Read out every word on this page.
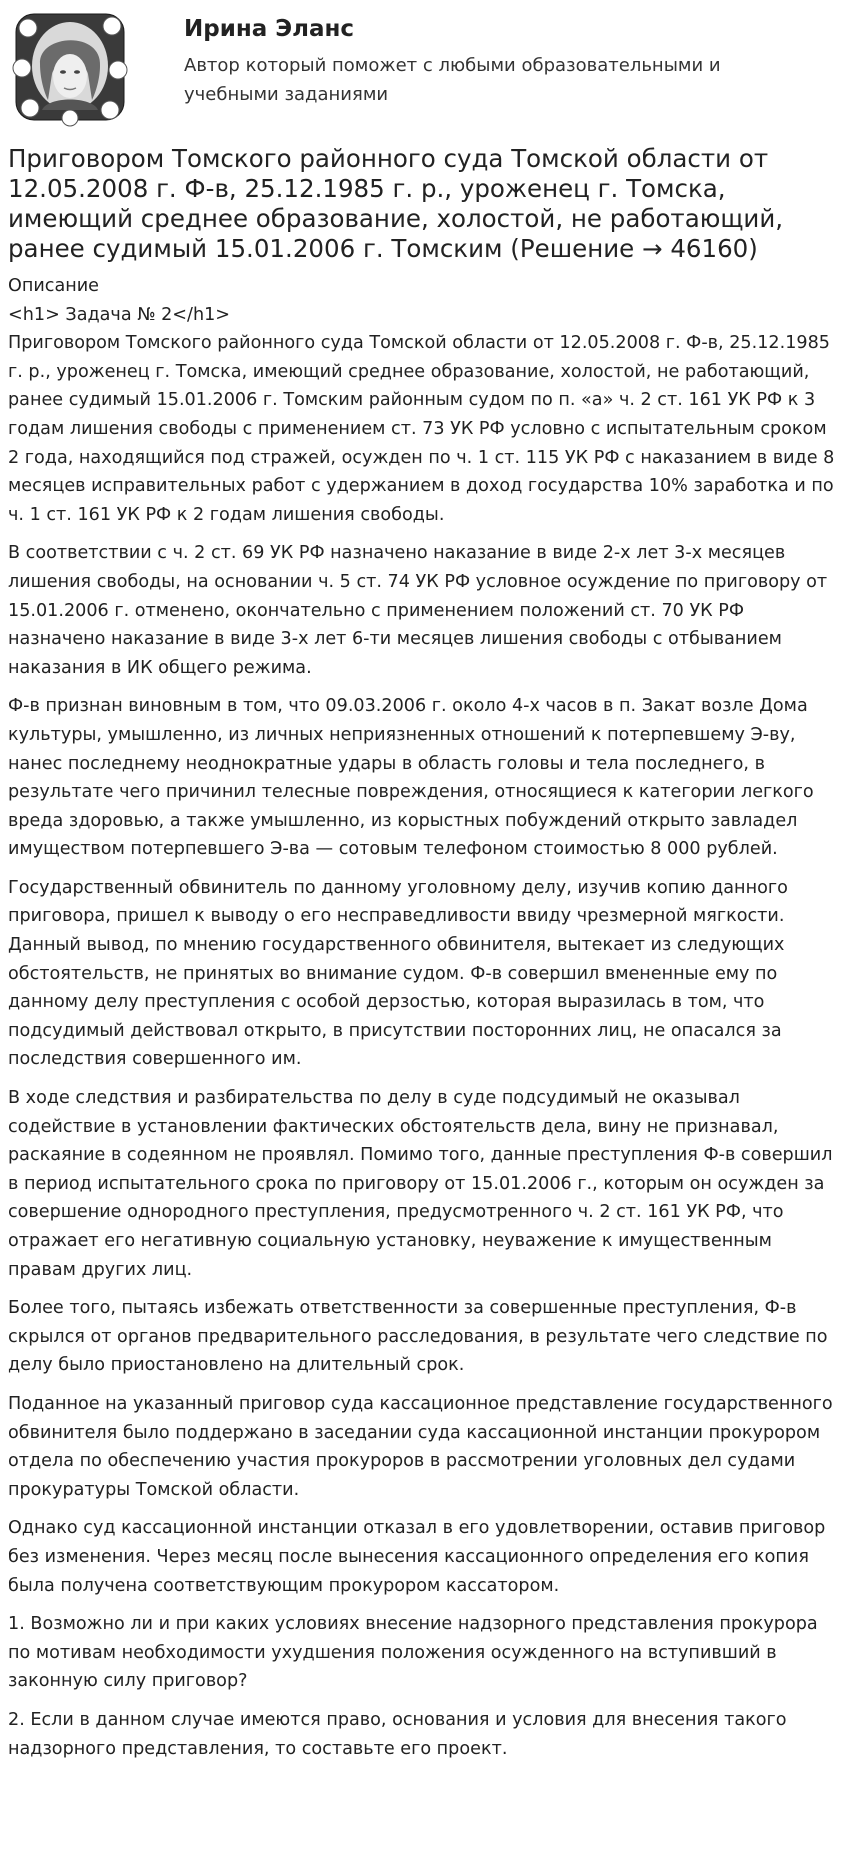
Ирина Эланс
Автор который поможет с любыми образовательными и учебными заданиями
Приговором Томского районного суда Томской области от 12.05.2008 г. Ф-в, 25.12.1985 г. р., уроженец г. Томска, имеющий среднее образование, холостой, не работающий, ранее судимый 15.01.2006 г. Томским (Решение → 46160)
Описание
<h1> Задача № 2</h1>

Приговором Томского районного суда Томской области от 12.05.2008 г. Ф-в, 25.12.1985 г. р., уроженец г. Томска, имеющий среднее образование, холостой, не работающий, ранее судимый 15.01.2006 г. Томским районным судом по п. «а» ч. 2 ст. 161 УК РФ к 3 годам лишения свободы с применением ст. 73 УК РФ условно с испытательным сроком 2 года, находящийся под стражей, осужден по ч. 1 ст. 115 УК РФ с наказанием в виде 8 месяцев исправительных работ с удержанием в доход государства 10% заработка и по ч. 1 ст. 161 УК РФ к 2 годам лишения свободы.

В соответствии с ч. 2 ст. 69 УК РФ назначено наказание в виде 2-х лет 3-х месяцев лишения свободы, на основании ч. 5 ст. 74 УК РФ условное осуждение по приговору от 15.01.2006 г. отменено, окончательно с применением положений ст. 70 УК РФ назначено наказание в виде 3-х лет 6-ти месяцев лишения свободы с отбыванием наказания в ИК общего режима.

Ф-в признан виновным в том, что 09.03.2006 г. около 4-х часов в п. Закат возле Дома культуры, умышленно, из личных неприязненных отношений к потерпевшему Э-ву, нанес последнему неоднократные удары в область головы и тела последнего, в результате чего причинил телесные повреждения, относящиеся к категории легкого вреда здоровью, а также умышленно, из корыстных побуждений открыто завладел имуществом потерпевшего Э-ва — сотовым телефоном стоимостью 8 000 рублей.

Государственный обвинитель по данному уголовному делу, изучив копию данного приговора, пришел к выводу о его несправедливости ввиду чрезмерной мягкости. Данный вывод, по мнению государственного обвинителя, вытекает из следующих обстоятельств, не принятых во внимание судом. Ф-в совершил вмененные ему по данному делу преступления с особой дерзостью, которая выразилась в том, что подсудимый действовал открыто, в присутствии посторонних лиц, не опасался за последствия совершенного им.

В ходе следствия и разбирательства по делу в суде подсудимый не оказывал содействие в установлении фактических обстоятельств дела, вину не признавал, раскаяние в содеянном не проявлял. Помимо того, данные преступления Ф-в совершил в период испытательного срока по приговору от 15.01.2006 г., которым он осужден за совершение однородного преступления, предусмотренного ч. 2 ст. 161 УК РФ, что отражает его негативную социальную установку, неуважение к имущественным правам других лиц.

Более того, пытаясь избежать ответственности за совершенные преступления, Ф-в скрылся от органов предварительного расследования, в результате чего следствие по делу было приостановлено на длительный срок.

Поданное на указанный приговор суда кассационное представление государственного обвинителя было поддержано в заседании суда кассационной инстанции прокурором отдела по обеспечению участия прокуроров в рассмотрении уголовных дел судами прокуратуры Томской области.

Однако суд кассационной инстанции отказал в его удовлетворении, оставив приговор без изменения. Через месяц после вынесения кассационного определения его копия была получена соответствующим прокурором кассатором.

1. Возможно ли и при каких условиях внесение надзорного представления прокурора по мотивам необходимости ухудшения положения осужденного на вступивший в законную силу приговор?

2. Если в данном случае имеются право, основания и условия для внесения такого надзорного представления, то составьте его проект.
